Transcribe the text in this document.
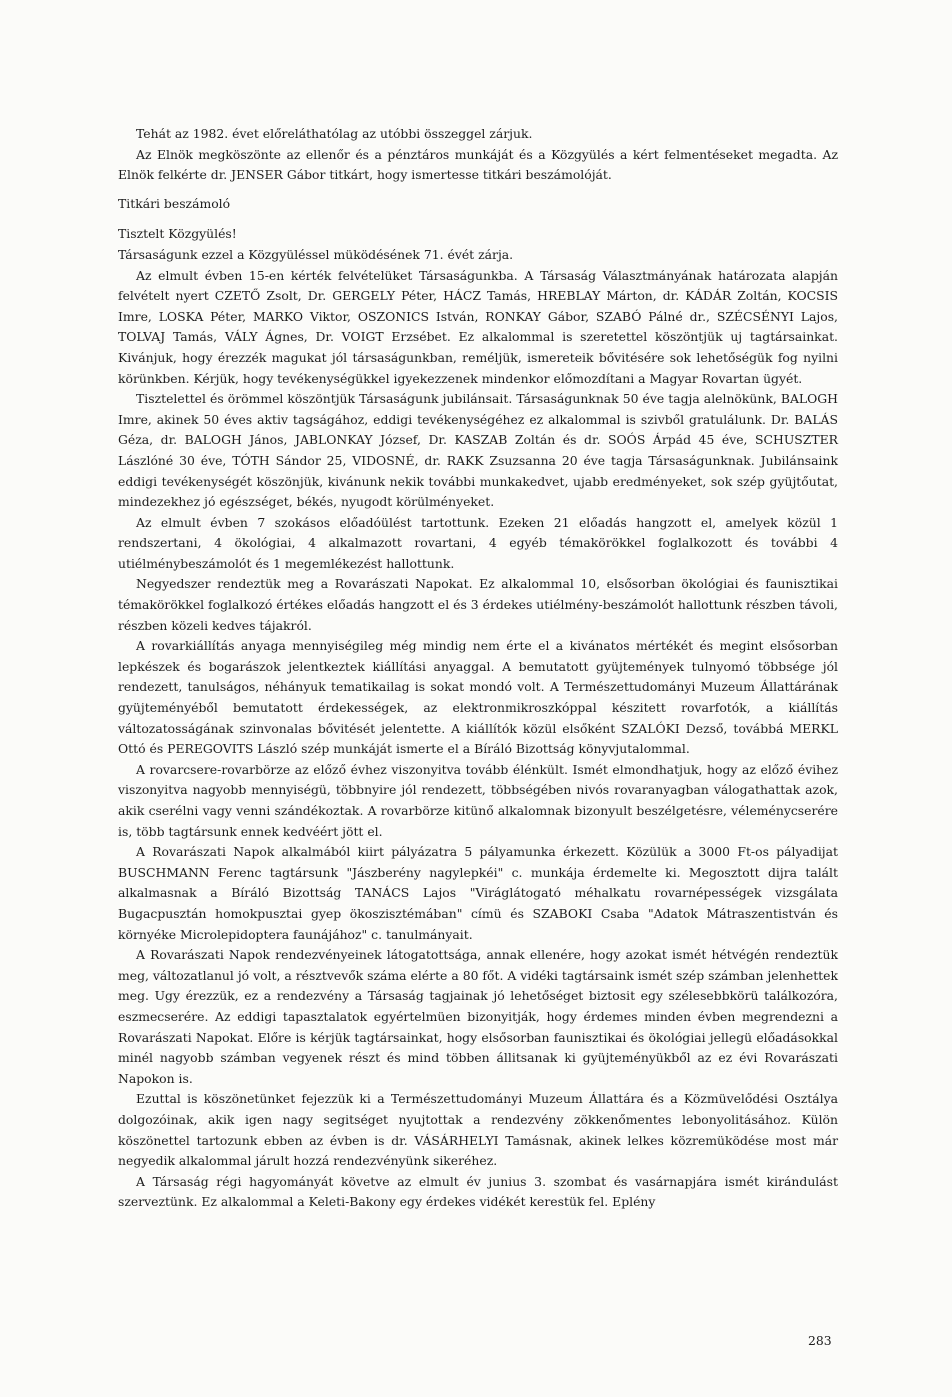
Tehát az 1982. évet előreláthatólag az utóbbi összeggel zárjuk.

Az Elnök megköszönte az ellenőr és a pénztáros munkáját és a Közgyülés a kért felmentéseket megadta. Az Elnök felkérte dr. JENSER Gábor titkárt, hogy ismertesse titkári beszámolóját.

Titkári beszámoló

Tisztelt Közgyülés!

Társaságunk ezzel a Közgyüléssel müködésének 71. évét zárja.

Az elmult évben 15-en kérték felvételüket Társaságunkba. A Társaság Választmányának határozata alapján felvételt nyert CZETŐ Zsolt, Dr. GERGELY Péter, HÁCZ Tamás, HREBLAY Márton, dr. KÁDÁR Zoltán, KOCSIS Imre, LOSKA Péter, MARKO Viktor, OSZONICS István, RONKAY Gábor, SZABÓ Pálné dr., SZÉCSÉNYI Lajos, TOLVAJ Tamás, VÁLY Ágnes, Dr. VOIGT Erzsébet. Ez alkalommal is szeretettel köszöntjük uj tagtársainkat. Kivánjuk, hogy érezzék magukat jól társaságunkban, reméljük, ismereteik bővitésére sok lehetőségük fog nyilni körünkben. Kérjük, hogy tevékenységükkel igyekezzenek mindenkor előmozdítani a Magyar Rovartan ügyét.

Tisztelettel és örömmel köszöntjük Társaságunk jubilánsait. Társaságunknak 50 éve tagja alelnökünk, BALOGH Imre, akinek 50 éves aktiv tagságához, eddigi tevékenységéhez ez alkalommal is szivből gratulálunk. Dr. BALÁS Géza, dr. BALOGH János, JABLONKAY József, Dr. KASZAB Zoltán és dr. SOÓS Árpád 45 éve, SCHUSZTER Lászlóné 30 éve, TÓTH Sándor 25, VIDOSNÉ, dr. RAKK Zsuzsanna 20 éve tagja Társaságunknak. Jubilánsaink eddigi tevékenységét köszönjük, kivánunk nekik további munkakedvet, ujabb eredményeket, sok szép gyüjtőutat, mindezekhez jó egészséget, békés, nyugodt körülményeket.

Az elmult évben 7 szokásos előadóülést tartottunk. Ezeken 21 előadás hangzott el, amelyek közül 1 rendszertani, 4 ökológiai, 4 alkalmazott rovartani, 4 egyéb témakörökkel foglalkozott és további 4 utiélménybeszámolót és 1 megemlékezést hallottunk.

Negyedszer rendeztük meg a Rovarászati Napokat. Ez alkalommal 10, elsősorban ökológiai és faunisztikai témakörökkel foglalkozó értékes előadás hangzott el és 3 érdekes utiélmény-beszámolót hallottunk részben távoli, részben közeli kedves tájakról.

A rovarkiállítás anyaga mennyiségileg még mindig nem érte el a kivánatos mértékét és megint elsősorban lepkészek és bogarászok jelentkeztek kiállítási anyaggal. A bemutatott gyüjtemények tulnyomó többsége jól rendezett, tanulságos, néhányuk tematikailag is sokat mondó volt. A Természettudományi Muzeum Állattárának gyüjteményéből bemutatott érdekességek, az elektronmikroszkóppal készitett rovarfotók, a kiállítás változatosságának szinvonalas bővitését jelentette. A kiállítók közül elsőként SZALÓKI Dezső, továbbá MERKL Ottó és PEREGOVITS László szép munkáját ismerte el a Bíráló Bizottság könyvjutalommal.

A rovarcsere-rovarbörze az előző évhez viszonyitva tovább élénkült. Ismét elmondhatjuk, hogy az előző évihez viszonyitva nagyobb mennyiségü, többnyire jól rendezett, többségében nivós rovaranyagban válogathattak azok, akik cserélni vagy venni szándékoztak. A rovarbörze kitünő alkalomnak bizonyult beszélgetésre, véleménycserére is, több tagtársunk ennek kedvéért jött el.

A Rovarászati Napok alkalmából kiirt pályázatra 5 pályamunka érkezett. Közülük a 3000 Ft-os pályadijat BUSCHMANN Ferenc tagtársunk "Jászberény nagylepkéi" c. munkája érdemelte ki. Megosztott dijra talált alkalmasnak a Bíráló Bizottság TANÁCS Lajos "Viráglátogató méhalkatu rovarnépességek vizsgálata Bugacpusztán homokpusztai gyep ökoszisztémában" címü és SZABOKI Csaba "Adatok Mátraszentistván és környéke Microlepidoptera faunájához" c. tanulmányait.

A Rovarászati Napok rendezvényeinek látogatottsága, annak ellenére, hogy azokat ismét hétvégén rendeztük meg, változatlanul jó volt, a résztvevők száma elérte a 80 főt. A vidéki tagtársaink ismét szép számban jelenhettek meg. Ugy érezzük, ez a rendezvény a Társaság tagjainak jó lehetőséget biztosit egy szélesebbkörü találkozóra, eszmecserére. Az eddigi tapasztalatok egyértelmüen bizonyitják, hogy érdemes minden évben megrendezni a Rovarászati Napokat. Előre is kérjük tagtársainkat, hogy elsősorban faunisztikai és ökológiai jellegü előadásokkal minél nagyobb számban vegyenek részt és mind többen állitsanak ki gyüjteményükből az ez évi Rovarászati Napokon is.

Ezuttal is köszönetünket fejezzük ki a Természettudományi Muzeum Állattára és a Közmüvelődési Osztálya dolgozóinak, akik igen nagy segitséget nyujtottak a rendezvény zökkenőmentes lebonyolitásához. Külön köszönettel tartozunk ebben az évben is dr. VÁSÁRHELYI Tamásnak, akinek lelkes közremüködése most már negyedik alkalommal járult hozzá rendezvényünk sikeréhez.

A Társaság régi hagyományát követve az elmult év junius 3. szombat és vasárnapjára ismét kirándulást szerveztünk. Ez alkalommal a Keleti-Bakony egy érdekes vidékét kerestük fel. Eplény

283
